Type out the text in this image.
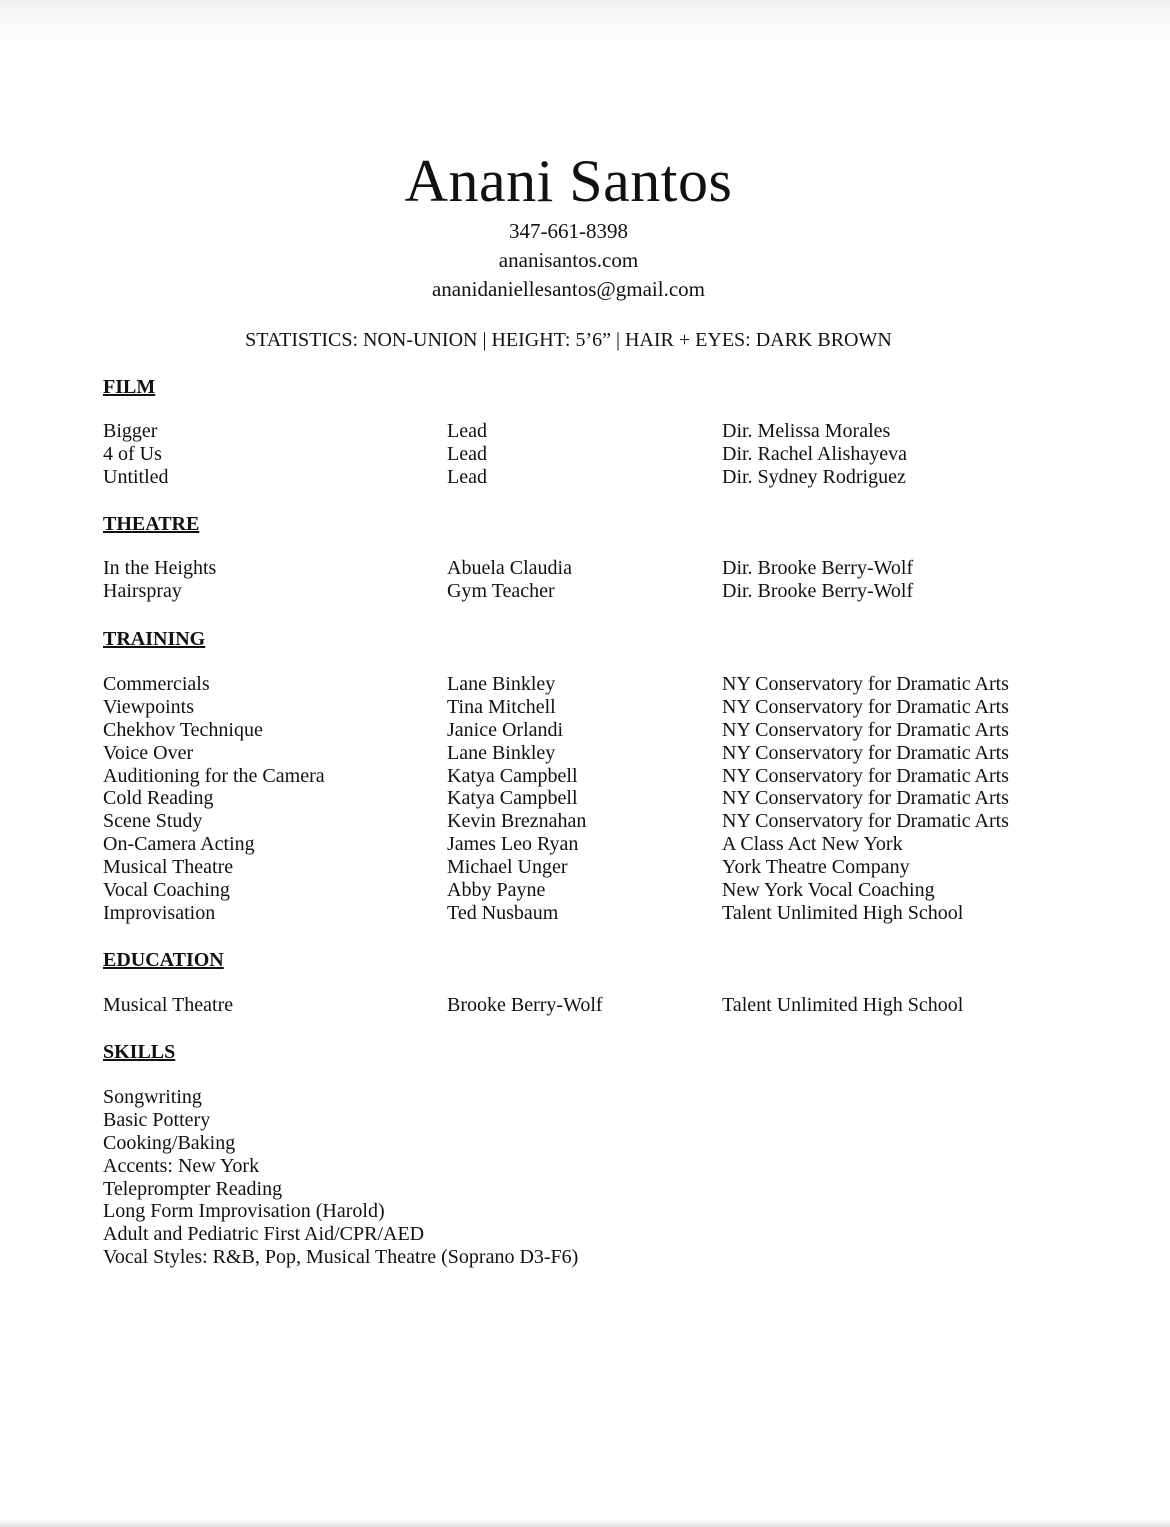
Anani Santos
347-661-8398
ananisantos.com
ananidaniellesantos@gmail.com
STATISTICS: NON-UNION | HEIGHT: 5’6” | HAIR + EYES: DARK BROWN
FILM
Bigger	Lead	Dir. Melissa Morales
4 of Us	Lead	Dir. Rachel Alishayeva
Untitled	Lead	Dir. Sydney Rodriguez
THEATRE
In the Heights	Abuela Claudia	Dir. Brooke Berry-Wolf
Hairspray	Gym Teacher	Dir. Brooke Berry-Wolf
TRAINING
Commercials	Lane Binkley	NY Conservatory for Dramatic Arts
Viewpoints	Tina Mitchell	NY Conservatory for Dramatic Arts
Chekhov Technique	Janice Orlandi	NY Conservatory for Dramatic Arts
Voice Over	Lane Binkley	NY Conservatory for Dramatic Arts
Auditioning for the Camera	Katya Campbell	NY Conservatory for Dramatic Arts
Cold Reading	Katya Campbell	NY Conservatory for Dramatic Arts
Scene Study	Kevin Breznahan	NY Conservatory for Dramatic Arts
On-Camera Acting	James Leo Ryan	A Class Act New York
Musical Theatre	Michael Unger	York Theatre Company
Vocal Coaching	Abby Payne	New York Vocal Coaching
Improvisation	Ted Nusbaum	Talent Unlimited High School
EDUCATION
Musical Theatre	Brooke Berry-Wolf	Talent Unlimited High School
SKILLS
Songwriting
Basic Pottery
Cooking/Baking
Accents: New York
Teleprompter Reading
Long Form Improvisation (Harold)
Adult and Pediatric First Aid/CPR/AED
Vocal Styles: R&B, Pop, Musical Theatre (Soprano D3-F6)
